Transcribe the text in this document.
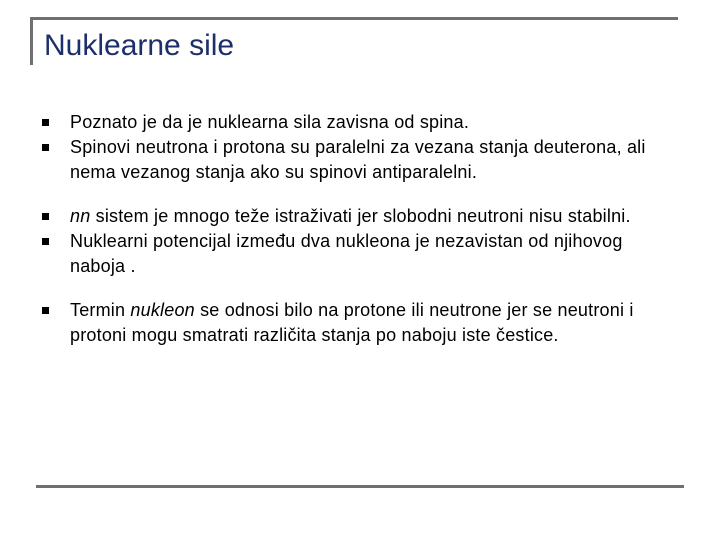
Nuklearne sile
Poznato je da je nuklearna sila zavisna od spina.
Spinovi neutrona i protona su paralelni za vezana stanja deuterona, ali nema vezanog stanja ako su spinovi antiparalelni.
nn sistem je mnogo teže istraživati jer slobodni neutroni nisu stabilni.
Nuklearni potencijal između dva nukleona je nezavistan od njihovog naboja .
Termin nukleon se odnosi bilo na protone ili neutrone jer se neutroni i protoni mogu smatrati različita stanja po naboju iste čestice.
